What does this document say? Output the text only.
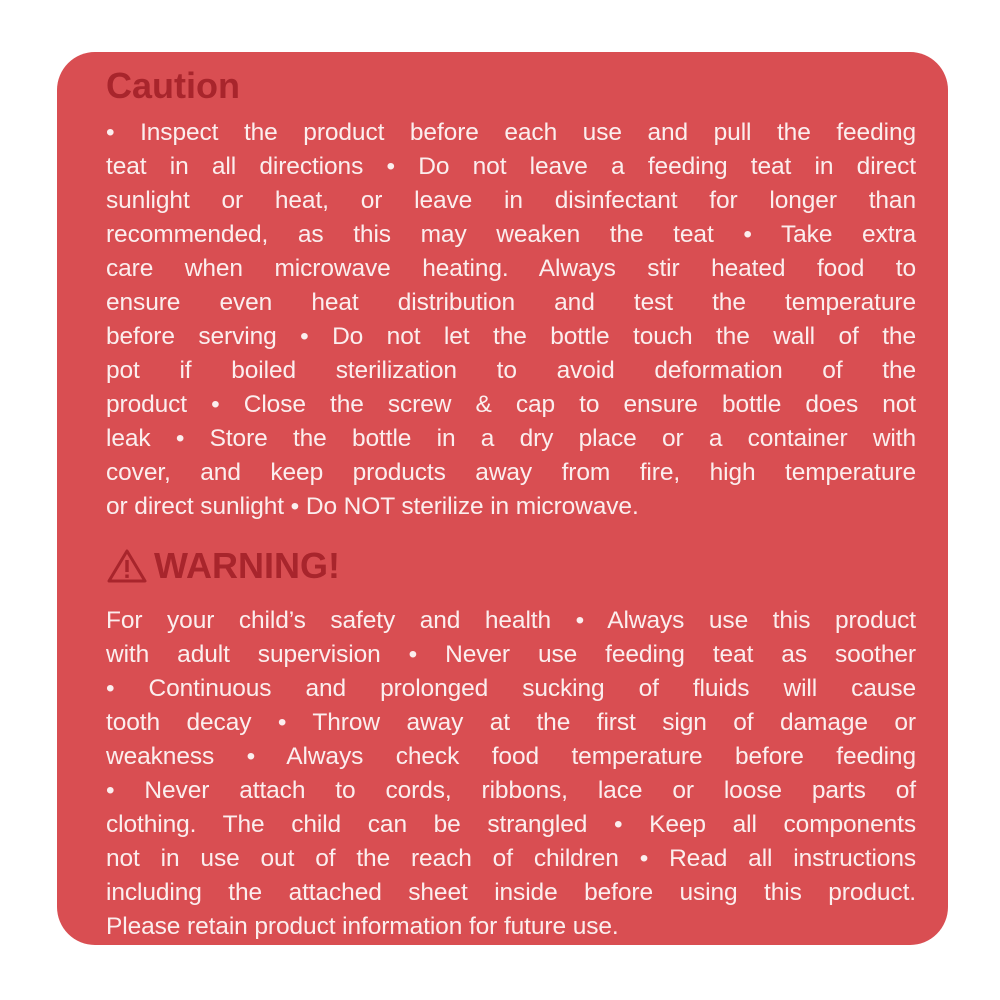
Caution
• Inspect the product before each use and pull the feeding
teat in all directions • Do not leave a feeding teat in direct
sunlight or heat, or leave in disinfectant for longer than
recommended, as this may weaken the teat • Take extra
care when microwave heating. Always stir heated food to
ensure even heat distribution and test the temperature
before serving • Do not let the bottle touch the wall of the
pot if boiled sterilization to avoid deformation of the
product • Close the screw & cap to ensure bottle does not
leak • Store the bottle in a dry place or a container with
cover, and keep products away from fire, high temperature
or direct sunlight • Do NOT sterilize in microwave.
WARNING!
For your child’s safety and health • Always use this product
with adult supervision • Never use feeding teat as soother
• Continuous and prolonged sucking of fluids will cause
tooth decay • Throw away at the first sign of damage or
weakness • Always check food temperature before feeding
• Never attach to cords, ribbons, lace or loose parts of
clothing. The child can be strangled • Keep all components
not in use out of the reach of children • Read all instructions
including the attached sheet inside before using this product.
Please retain product information for future use.
